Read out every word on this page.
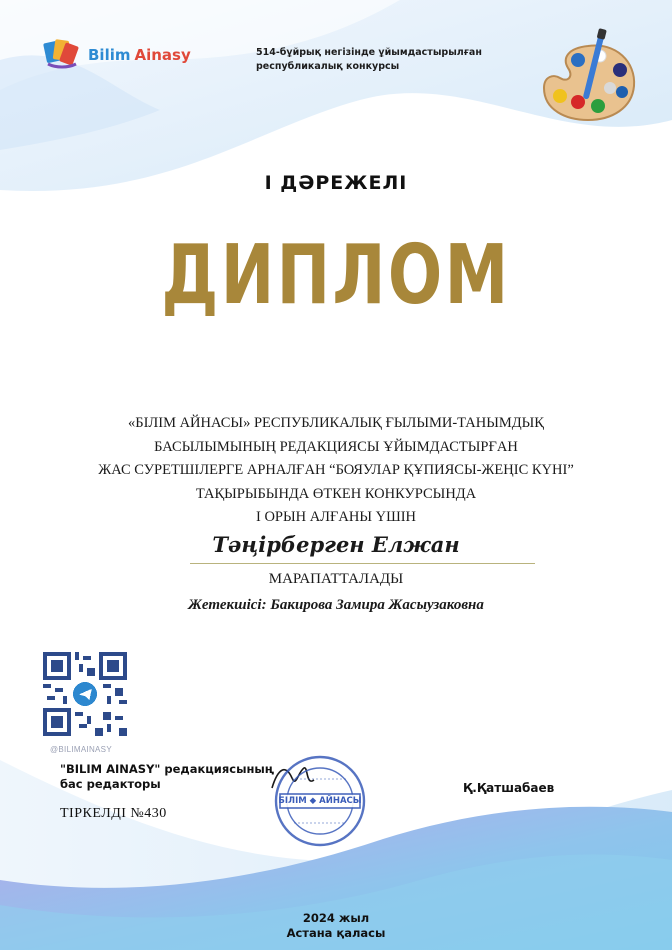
Bilim Ainasy	514-бұйрық негізінде ұйымдастырылған
республикалық конкурсы
І ДӘРЕЖЕЛІ
ДИПЛОМ
«БІЛІМ АЙНАСЫ» РЕСПУБЛИКАЛЫҚ ҒЫЛЫМИ-ТАНЫМДЫҚ
БАСЫЛЫМЫНЫҢ РЕДАКЦИЯСЫ ҰЙЫМДАСТЫРҒАН
ЖАС СУРЕТШІЛЕРГЕ АРНАЛҒАН “БОЯУЛАР ҚҰПИЯСЫ-ЖЕҢІС КҮНІ”
ТАҚЫРЫБЫНДА ӨТКЕН КОНКУРСЫНДА
І ОРЫН АЛҒАНЫ ҮШІН
Тәңірберген Елжан
МАРАПАТТАЛАДЫ
Жетекшісі: Бакирова Замира Жасыузаковна
@BILIMAINASY
"BILIM AINASY" редакциясының
бас редакторы
ТІРКЕЛДІ №430
БІЛІМ ◆ АЙНАСЫ
Қ.Қатшабаев
2024 жыл
Астана қаласы
